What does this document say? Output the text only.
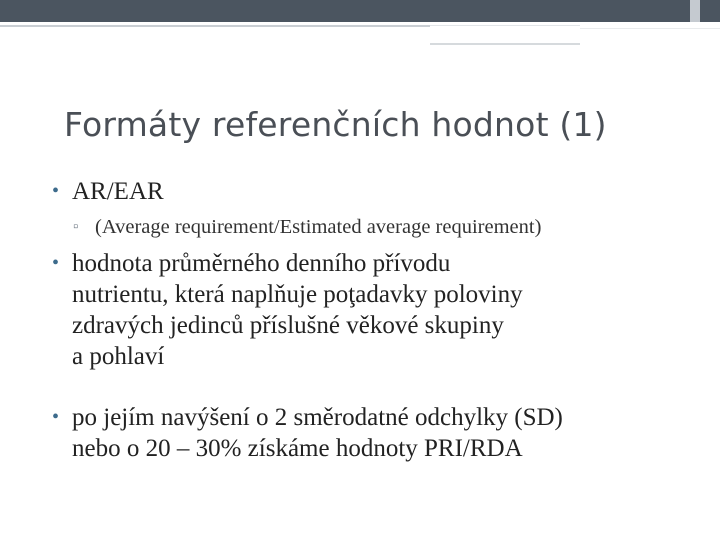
Formáty referenčních hodnot (1)
• AR/EAR
▫ (Average requirement/Estimated average requirement)
• hodnota průměrného denního přívodu
nutrientu, která naplňuje poţadavky poloviny
zdravých jedinců příslušné věkové skupiny
a pohlaví
• po jejím navýšení o 2 směrodatné odchylky (SD)
nebo o 20 – 30% získáme hodnoty PRI/RDA
